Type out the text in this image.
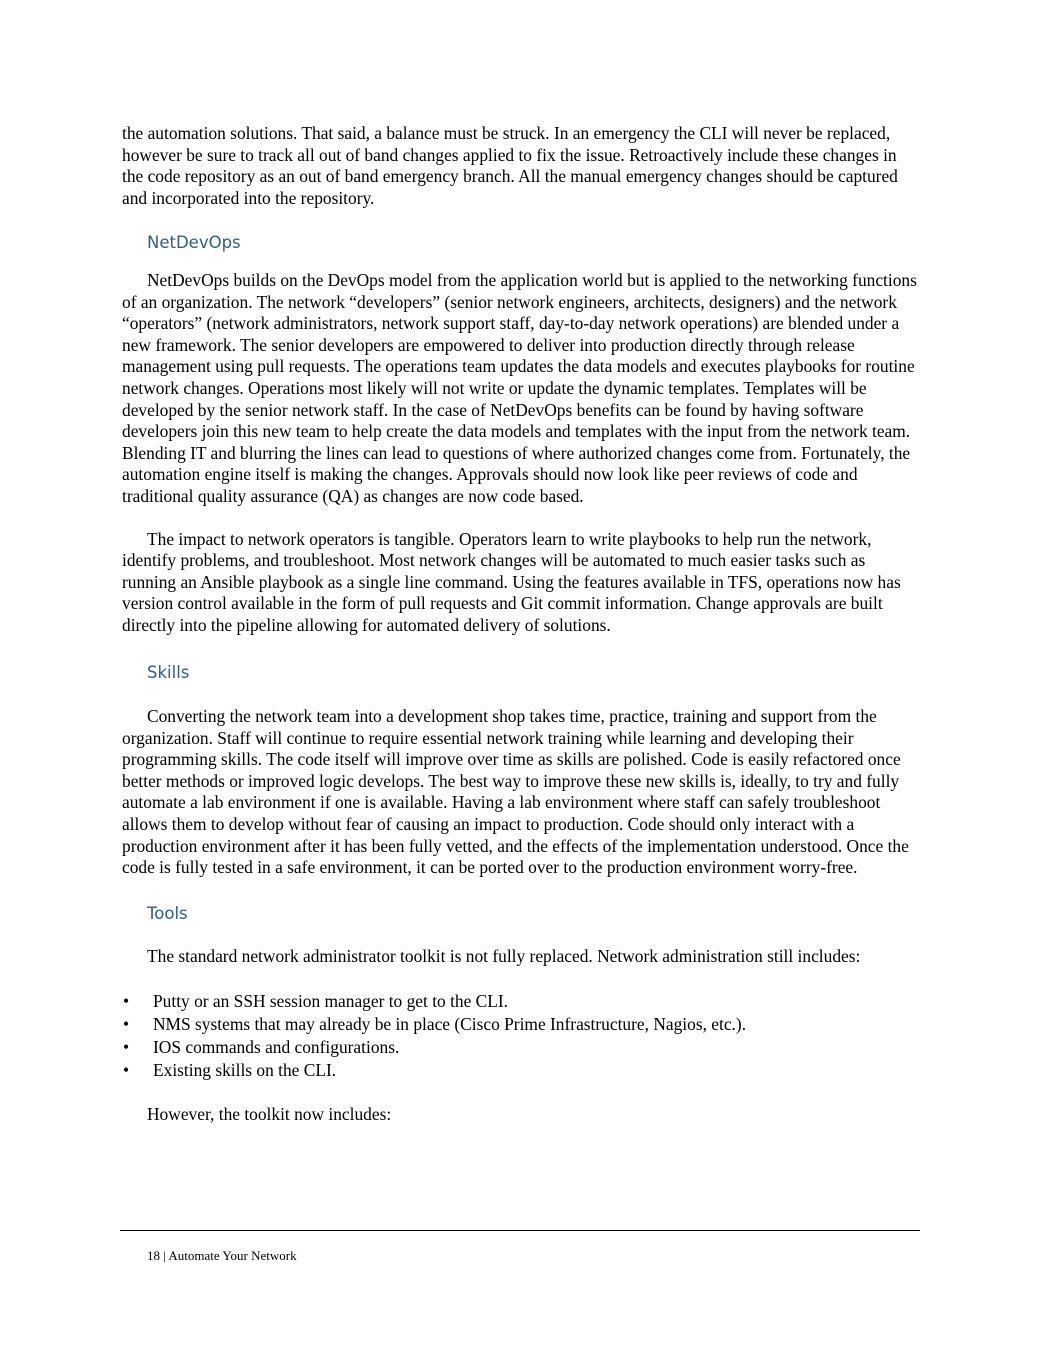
the automation solutions. That said, a balance must be struck. In an emergency the CLI will never be replaced, however be sure to track all out of band changes applied to fix the issue. Retroactively include these changes in the code repository as an out of band emergency branch. All the manual emergency changes should be captured and incorporated into the repository.

NetDevOps

NetDevOps builds on the DevOps model from the application world but is applied to the networking functions of an organization. The network “developers” (senior network engineers, architects, designers) and the network “operators” (network administrators, network support staff, day-to-day network operations) are blended under a new framework. The senior developers are empowered to deliver into production directly through release management using pull requests. The operations team updates the data models and executes playbooks for routine network changes. Operations most likely will not write or update the dynamic templates. Templates will be developed by the senior network staff. In the case of NetDevOps benefits can be found by having software developers join this new team to help create the data models and templates with the input from the network team. Blending IT and blurring the lines can lead to questions of where authorized changes come from. Fortunately, the automation engine itself is making the changes. Approvals should now look like peer reviews of code and traditional quality assurance (QA) as changes are now code based.

The impact to network operators is tangible. Operators learn to write playbooks to help run the network, identify problems, and troubleshoot. Most network changes will be automated to much easier tasks such as running an Ansible playbook as a single line command. Using the features available in TFS, operations now has version control available in the form of pull requests and Git commit information. Change approvals are built directly into the pipeline allowing for automated delivery of solutions.

Skills

Converting the network team into a development shop takes time, practice, training and support from the organization. Staff will continue to require essential network training while learning and developing their programming skills. The code itself will improve over time as skills are polished. Code is easily refactored once better methods or improved logic develops. The best way to improve these new skills is, ideally, to try and fully automate a lab environment if one is available. Having a lab environment where staff can safely troubleshoot allows them to develop without fear of causing an impact to production. Code should only interact with a production environment after it has been fully vetted, and the effects of the implementation understood. Once the code is fully tested in a safe environment, it can be ported over to the production environment worry-free.

Tools

The standard network administrator toolkit is not fully replaced. Network administration still includes:

• Putty or an SSH session manager to get to the CLI.
• NMS systems that may already be in place (Cisco Prime Infrastructure, Nagios, etc.).
• IOS commands and configurations.
• Existing skills on the CLI.

However, the toolkit now includes:

18 | Automate Your Network
